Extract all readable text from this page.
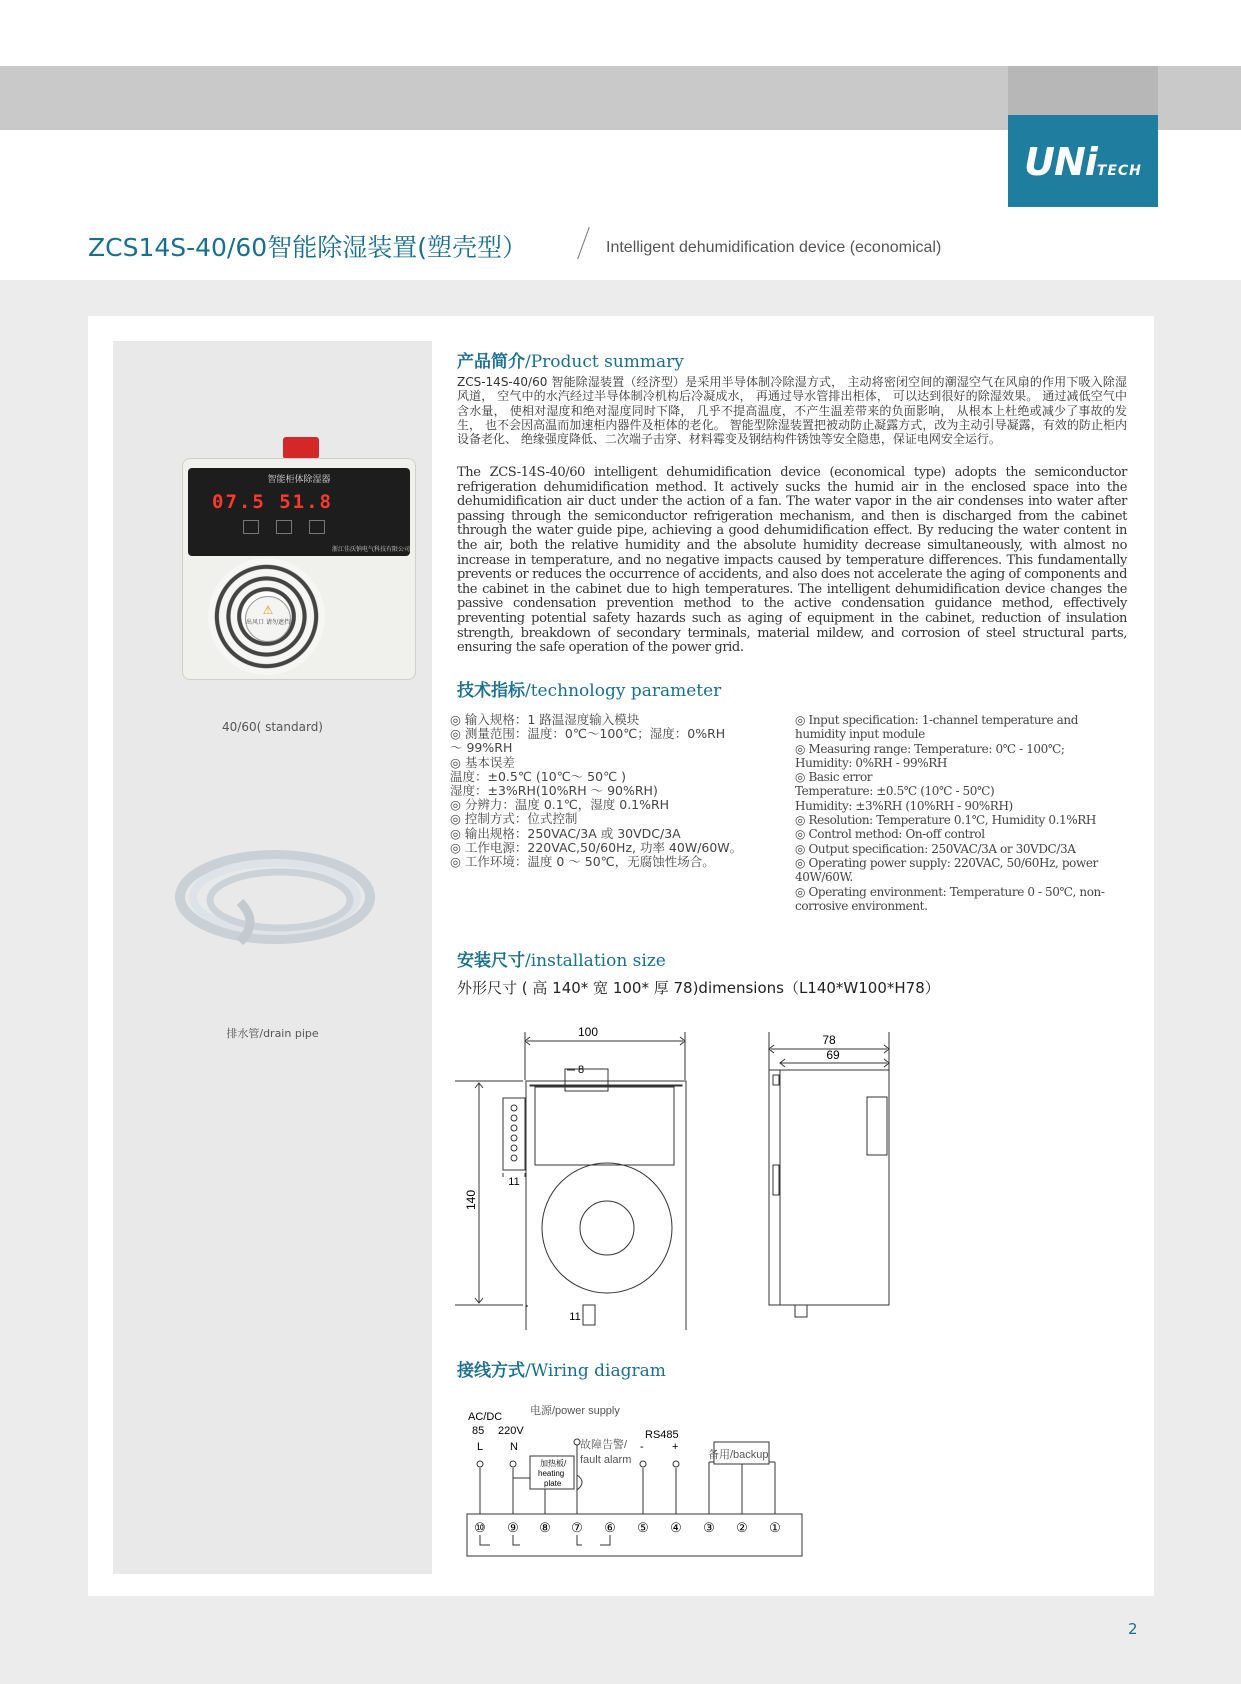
UNiTECH
ZCS14S-40/60智能除湿装置(塑壳型）	Intelligent dehumidification device (economical)
智能柜体除湿器
07.5 51.8
浙江佳沃钠电气科技有限公司
⚠
出风口 请勿遮挡
40/60( standard)
排水管/drain pipe
产品简介/Product summary
ZCS-14S-40/60 智能除湿装置（经济型）是采用半导体制冷除湿方式， 主动将密闭空间的潮湿空气在风扇的作用下吸入除湿风道， 空气中的水汽经过半导体制冷机构后冷凝成水， 再通过导水管排出柜体， 可以达到很好的除湿效果。 通过减低空气中含水量， 使相对湿度和绝对湿度同时下降， 几乎不提高温度，不产生温差带来的负面影响， 从根本上杜绝或减少了事故的发生， 也不会因高温而加速柜内器件及柜体的老化。 智能型除湿装置把被动防止凝露方式，改为主动引导凝露，有效的防止柜内设备老化、 绝缘强度降低、二次端子击穿、材料霉变及钢结构件锈蚀等安全隐患，保证电网安全运行。
The ZCS-14S-40/60 intelligent dehumidification device (economical type) adopts the semiconductor refrigeration dehumidification method. It actively sucks the humid air in the enclosed space into the dehumidification air duct under the action of a fan. The water vapor in the air condenses into water after passing through the semiconductor refrigeration mechanism, and then is discharged from the cabinet through the water guide pipe, achieving a good dehumidification effect. By reducing the water content in the air, both the relative humidity and the absolute humidity decrease simultaneously, with almost no increase in temperature, and no negative impacts caused by temperature differences. This fundamentally prevents or reduces the occurrence of accidents, and also does not accelerate the aging of components and the cabinet in the cabinet due to high temperatures. The intelligent dehumidification device changes the passive condensation prevention method to the active condensation guidance method, effectively preventing potential safety hazards such as aging of equipment in the cabinet, reduction of insulation strength, breakdown of secondary terminals, material mildew, and corrosion of steel structural parts, ensuring the safe operation of the power grid.
技术指标/technology parameter
◎ 输入规格：1 路温湿度输入模块
◎ 测量范围：温度：0℃～100℃；湿度：0%RH
～ 99%RH
◎ 基本误差
温度：±0.5℃ (10℃～ 50℃ )
湿度：±3%RH(10%RH ～ 90%RH)
◎ 分辨力：温度 0.1℃，湿度 0.1%RH
◎ 控制方式：位式控制
◎ 输出规格：250VAC/3A 或 30VDC/3A
◎ 工作电源：220VAC,50/60Hz, 功率 40W/60W。
◎ 工作环境：温度 0 ～ 50℃，无腐蚀性场合。
◎ Input specification: 1-channel temperature and
humidity input module
◎ Measuring range: Temperature: 0℃ - 100℃;
Humidity: 0%RH - 99%RH
◎ Basic error
Temperature: ±0.5℃ (10℃ - 50℃)
Humidity: ±3%RH (10%RH - 90%RH)
◎ Resolution: Temperature 0.1℃, Humidity 0.1%RH
◎ Control method: On-off control
◎ Output specification: 250VAC/3A or 30VDC/3A
◎ Operating power supply: 220VAC, 50/60Hz, power
40W/60W.
◎ Operating environment: Temperature 0 - 50℃, non-
corrosive environment.
安装尺寸/installation size
外形尺寸 ( 高 140* 宽 100* 厚 78)dimensions（L140*W100*H78）
100
8
140
11
11
78
69
接线方式/Wiring diagram
AC/DC	电源/power supply
85 220V
L N
加热板/
heating
plate
故障告警/
fault alarm
RS485
-	+
备用/backup
⑩ ⑨ ⑧ ⑦ ⑥ ⑤ ④ ③ ② ①
2
